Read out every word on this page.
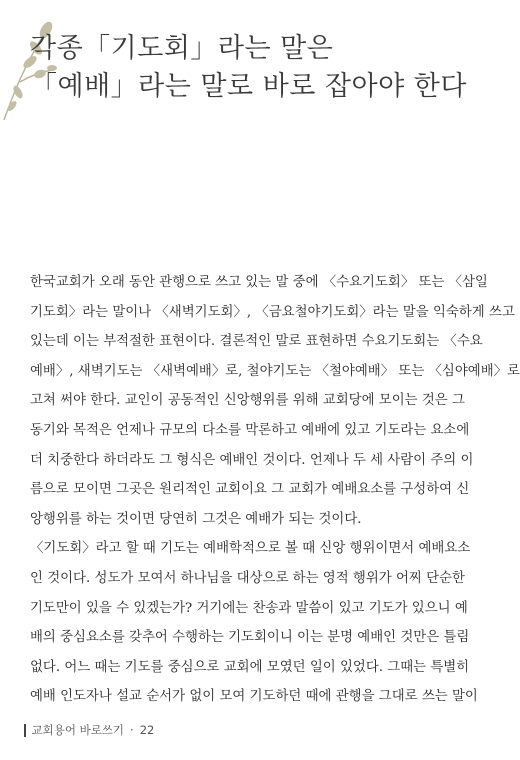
각종「기도회」라는 말은
「예배」라는 말로 바로 잡아야 한다
한국교회가 오래 동안 관행으로 쓰고 있는 말 중에 〈수요기도회〉 또는 〈삼일
기도회〉라는 말이나 〈새벽기도회〉, 〈금요철야기도회〉라는 말을 익숙하게 쓰고
있는데 이는 부적절한 표현이다. 결론적인 말로 표현하면 수요기도회는 〈수요
예배〉, 새벽기도는 〈새벽예배〉로, 철야기도는 〈철야예배〉 또는 〈심야예배〉로
고쳐 써야 한다. 교인이 공동적인 신앙행위를 위해 교회당에 모이는 것은 그
동기와 목적은 언제나 규모의 다소를 막론하고 예배에 있고 기도라는 요소에
더 치중한다 하더라도 그 형식은 예배인 것이다. 언제나 두 세 사람이 주의 이
름으로 모이면 그곳은 원리적인 교회이요 그 교회가 예배요소를 구성하여 신
앙행위를 하는 것이면 당연히 그것은 예배가 되는 것이다.
〈기도회〉라고 할 때 기도는 예배학적으로 볼 때 신앙 행위이면서 예배요소
인 것이다. 성도가 모여서 하나님을 대상으로 하는 영적 행위가 어찌 단순한
기도만이 있을 수 있겠는가? 거기에는 찬송과 말씀이 있고 기도가 있으니 예
배의 중심요소를 갖추어 수행하는 기도회이니 이는 분명 예배인 것만은 틀림
없다. 어느 때는 기도를 중심으로 교회에 모였던 일이 있었다. 그때는 특별히
예배 인도자나 설교 순서가 없이 모여 기도하던 때에 관행을 그대로 쓰는 말이
교회용어 바로쓰기 · 22
